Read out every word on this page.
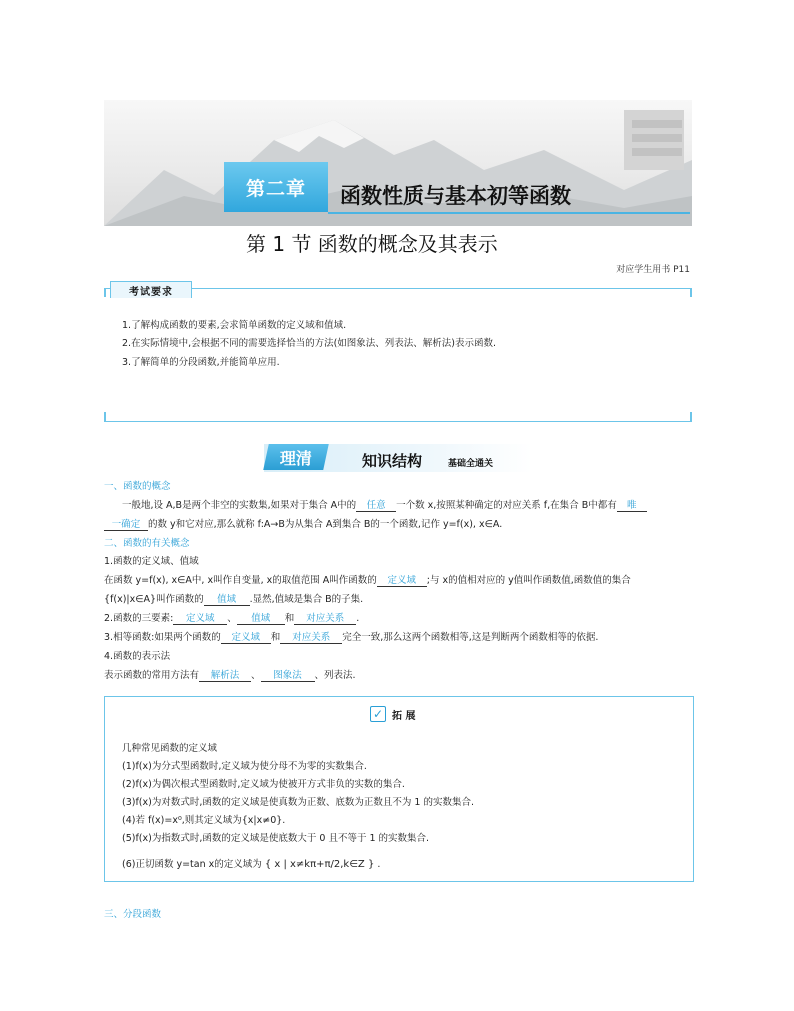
第二章	函数性质与基本初等函数
第 1 节 函数的概念及其表示
对应学生用书 P11
考试要求
1.了解构成函数的要素,会求简单函数的定义域和值域.
2.在实际情境中,会根据不同的需要选择恰当的方法(如图象法、列表法、解析法)表示函数.
3.了解简单的分段函数,并能简单应用.
理清	知识结构	基础全通关
一、函数的概念
一般地,设 A,B是两个非空的实数集,如果对于集合 A中的 任意 一个数 x,按照某种确定的对应关系 f,在集合 B中都有 唯
一确定 的数 y和它对应,那么就称 f:A→B为从集合 A到集合 B的一个函数,记作 y=f(x), x∈A.
二、函数的有关概念
1.函数的定义域、值域
在函数 y=f(x), x∈A中, x叫作自变量, x的取值范围 A叫作函数的 定义域 ;与 x的值相对应的 y值叫作函数值,函数值的集合
{f(x)|x∈A}叫作函数的 值域 .显然,值域是集合 B的子集.
2.函数的三要素: 定义域 、 值域 和 对应关系 .
3.相等函数:如果两个函数的 定义域 和 对应关系 完全一致,那么这两个函数相等,这是判断两个函数相等的依据.
4.函数的表示法
表示函数的常用方法有 解析法 、 图象法 、列表法.
✓ 拓 展
几种常见函数的定义域
(1)f(x)为分式型函数时,定义域为使分母不为零的实数集合.
(2)f(x)为偶次根式型函数时,定义域为使被开方式非负的实数的集合.
(3)f(x)为对数式时,函数的定义域是使真数为正数、底数为正数且不为 1 的实数集合.
(4)若 f(x)=x⁰,则其定义域为{x|x≠0}.
(5)f(x)为指数式时,函数的定义域是使底数大于 0 且不等于 1 的实数集合.
(6)正切函数 y=tan x的定义域为 { x | x≠kπ+π/2,k∈Z } .
三、分段函数
